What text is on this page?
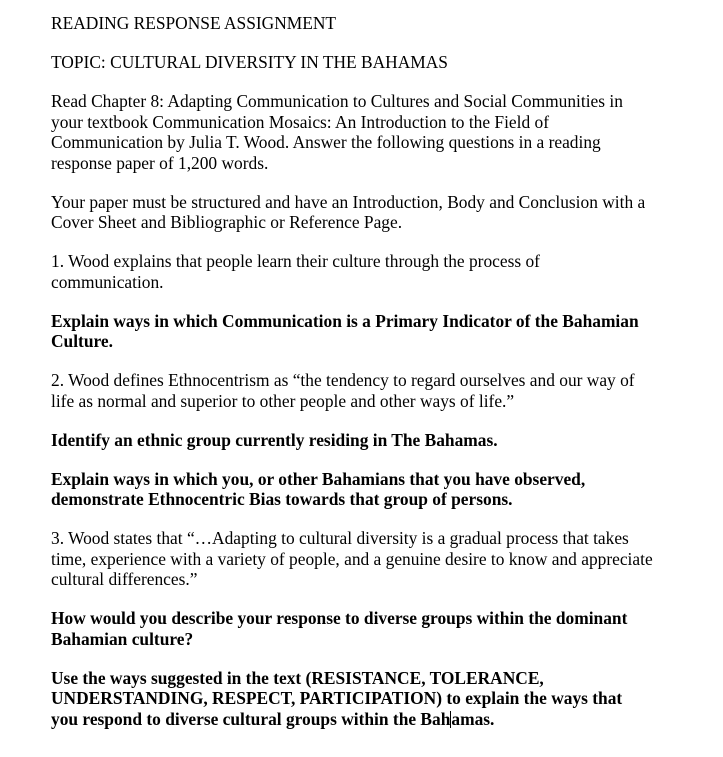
READING RESPONSE ASSIGNMENT

TOPIC: CULTURAL DIVERSITY IN THE BAHAMAS

Read Chapter 8: Adapting Communication to Cultures and Social Communities in
your textbook Communication Mosaics: An Introduction to the Field of
Communication by Julia T. Wood. Answer the following questions in a reading
response paper of 1,200 words.

Your paper must be structured and have an Introduction, Body and Conclusion with a
Cover Sheet and Bibliographic or Reference Page.

1. Wood explains that people learn their culture through the process of
communication.

Explain ways in which Communication is a Primary Indicator of the Bahamian
Culture.

2. Wood defines Ethnocentrism as “the tendency to regard ourselves and our way of
life as normal and superior to other people and other ways of life.”

Identify an ethnic group currently residing in The Bahamas.

Explain ways in which you, or other Bahamians that you have observed,
demonstrate Ethnocentric Bias towards that group of persons.

3. Wood states that “…Adapting to cultural diversity is a gradual process that takes
time, experience with a variety of people, and a genuine desire to know and appreciate
cultural differences.”

How would you describe your response to diverse groups within the dominant
Bahamian culture?

Use the ways suggested in the text (RESISTANCE, TOLERANCE,
UNDERSTANDING, RESPECT, PARTICIPATION) to explain the ways that
you respond to diverse cultural groups within the Bahamas.
